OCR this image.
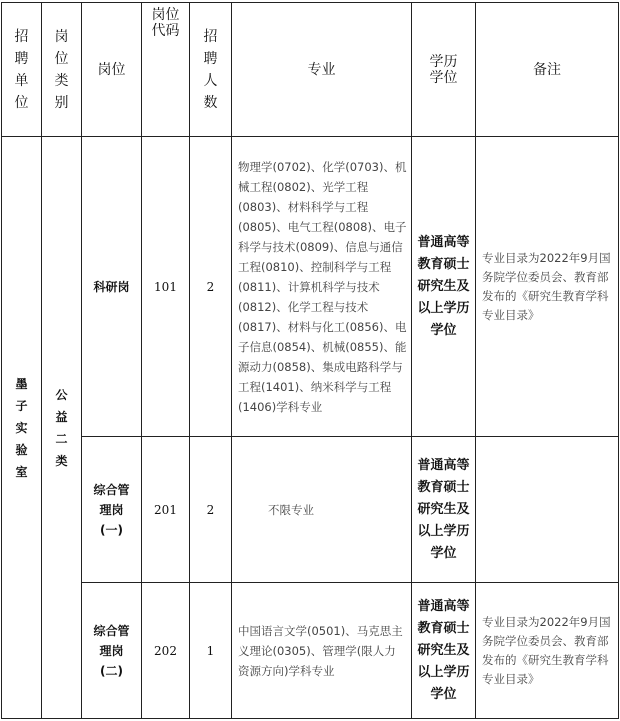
招聘单位	岗位类别	岗位	岗位代码	招聘人数	专业	学历学位	备注
墨子实验室	公益二类	科研岗	101	2	物理学(0702)、化学(0703)、机械工程(0802)、光学工程(0803)、材料科学与工程(0805)、电气工程(0808)、电子科学与技术(0809)、信息与通信工程(0810)、控制科学与工程(0811)、计算机科学与技术(0812)、化学工程与技术(0817)、材料与化工(0856)、电子信息(0854)、机械(0855)、能源动力(0858)、集成电路科学与工程(1401)、纳米科学与工程(1406)学科专业	普通高等教育硕士研究生及以上学历学位	专业目录为2022年9月国务院学位委员会、教育部发布的《研究生教育学科专业目录》
		综合管理岗(一)	201	2	不限专业	普通高等教育硕士研究生及以上学历学位	
		综合管理岗(二)	202	1	中国语言文学(0501)、马克思主义理论(0305)、管理学(限人力资源方向)学科专业	普通高等教育硕士研究生及以上学历学位	专业目录为2022年9月国务院学位委员会、教育部发布的《研究生教育学科专业目录》
